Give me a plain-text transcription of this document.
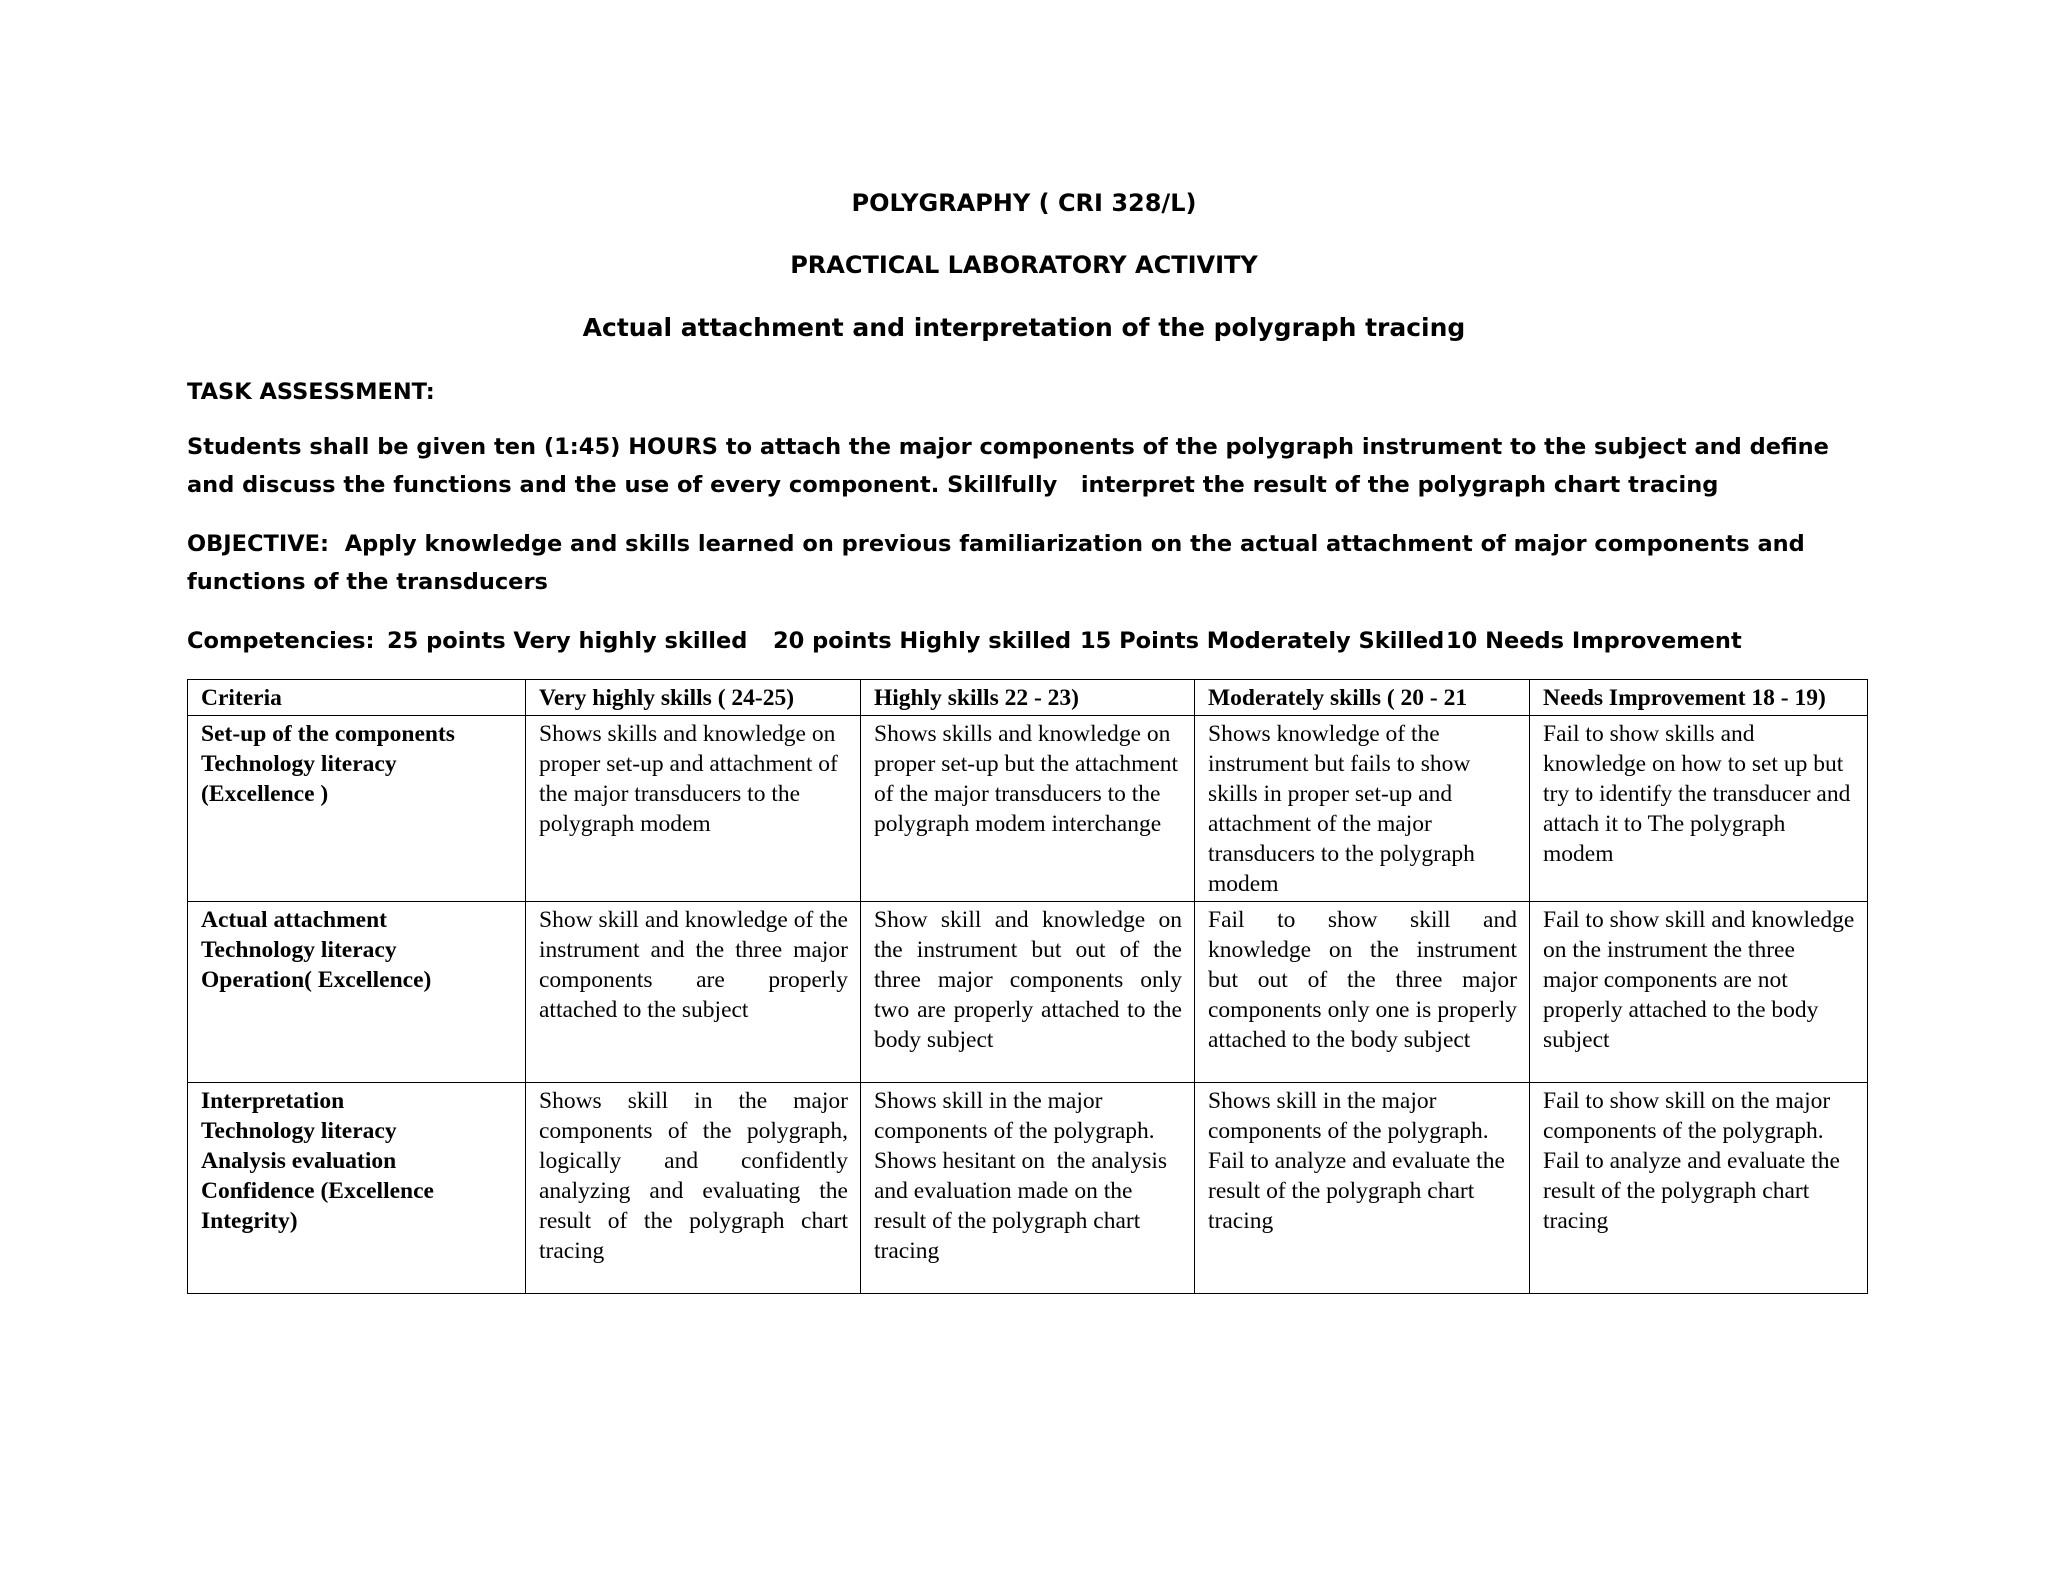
POLYGRAPHY ( CRI 328/L)
PRACTICAL LABORATORY ACTIVITY
Actual attachment and interpretation of the polygraph tracing
TASK ASSESSMENT:
Students shall be given ten (1:45) HOURS to attach the major components of the polygraph instrument to the subject and define and discuss the functions and the use of every component. Skillfully   interpret the result of the polygraph chart tracing
OBJECTIVE:  Apply knowledge and skills learned on previous familiarization on the actual attachment of major components and functions of the transducers
Competencies: 25 points Very highly skilled 20 points Highly skilled 15 Points Moderately Skilled10 Needs Improvement
Criteria	Very highly skills ( 24-25)	Highly skills 22 - 23)	Moderately skills ( 20 - 21	Needs Improvement 18 - 19)

Set-up of the components
Technology literacy
(Excellence )	Shows skills and knowledge on proper set-up and attachment of the major transducers to the polygraph modem	Shows skills and knowledge on proper set-up but the attachment of the major transducers to the polygraph modem interchange	Shows knowledge of the instrument but fails to show skills in proper set-up and attachment of the major transducers to the polygraph modem	Fail to show skills and knowledge on how to set up but try to identify the transducer and attach it to The polygraph modem

Actual attachment
Technology literacy
Operation( Excellence)	Show skill and knowledge of the instrument and the three major components are properly attached to the subject	Show skill and knowledge on the instrument but out of the three major components only two are properly attached to the body subject	Fail to show skill and knowledge on the instrument but out of the three major components only one is properly attached to the body subject	Fail to show skill and knowledge on the instrument the three major components are not properly attached to the body subject

Interpretation
Technology literacy
Analysis evaluation
Confidence (Excellence
Integrity)	Shows skill in the major components of the polygraph, logically and confidently analyzing and evaluating the result of the polygraph chart tracing	Shows skill in the major components of the polygraph. Shows hesitant on  the analysis and evaluation made on the result of the polygraph chart tracing	Shows skill in the major components of the polygraph. Fail to analyze and evaluate the result of the polygraph chart tracing	Fail to show skill on the major components of the polygraph. Fail to analyze and evaluate the result of the polygraph chart tracing
